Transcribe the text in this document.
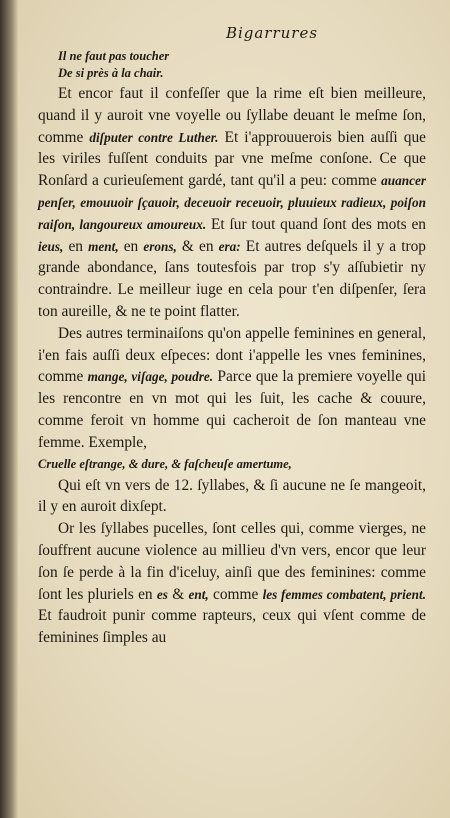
Bigarrures
Il ne faut pas toucher
De si près à la chair.

Et encor faut il confeſſer que la rime eſt bien meilleure, quand il y auroit vne voyelle ou ſyllabe deuant le meſme ſon, comme diſputer contre Luther. Et i'approuuerois bien auſſi que les viriles fuſſent conduits par vne meſme conſone. Ce que Ronſard a curieuſement gardé, tant qu'il a peu: comme auancer penſer, emouuoir ſçauoir, deceuoir receuoir, pluuieux radieux, poiſon raiſon, langoureux amoureux. Et ſur tout quand ſont des mots en ieus, en ment, en erons, & en era: Et autres deſquels il y a trop grande abondance, ſans toutesfois par trop s'y aſſubietir ny contraindre. Le meilleur iuge en cela pour t'en diſpenſer, ſera ton aureille, & ne te point flatter.

Des autres terminaiſons qu'on appelle feminines en general, i'en fais auſſi deux eſpeces: dont i'appelle les vnes feminines, comme mange, viſage, poudre. Parce que la premiere voyelle qui les rencontre en vn mot qui les ſuit, les cache & couure, comme feroit vn homme qui cacheroit de ſon manteau vne femme. Exemple,

Cruelle eſtrange, & dure, & faſcheuſe amertume,

Qui eſt vn vers de 12. ſyllabes, & ſi aucune ne ſe mangeoit, il y en auroit dixſept.

Or les ſyllabes pucelles, ſont celles qui, comme vierges, ne ſouffrent aucune violence au millieu d'vn vers, encor que leur ſon ſe perde à la fin d'iceluy, ainſi que des feminines: comme ſont les pluriels en es & ent, comme les femmes combatent, prient. Et faudroit punir comme rapteurs, ceux qui vſent comme de feminines ſimples au
